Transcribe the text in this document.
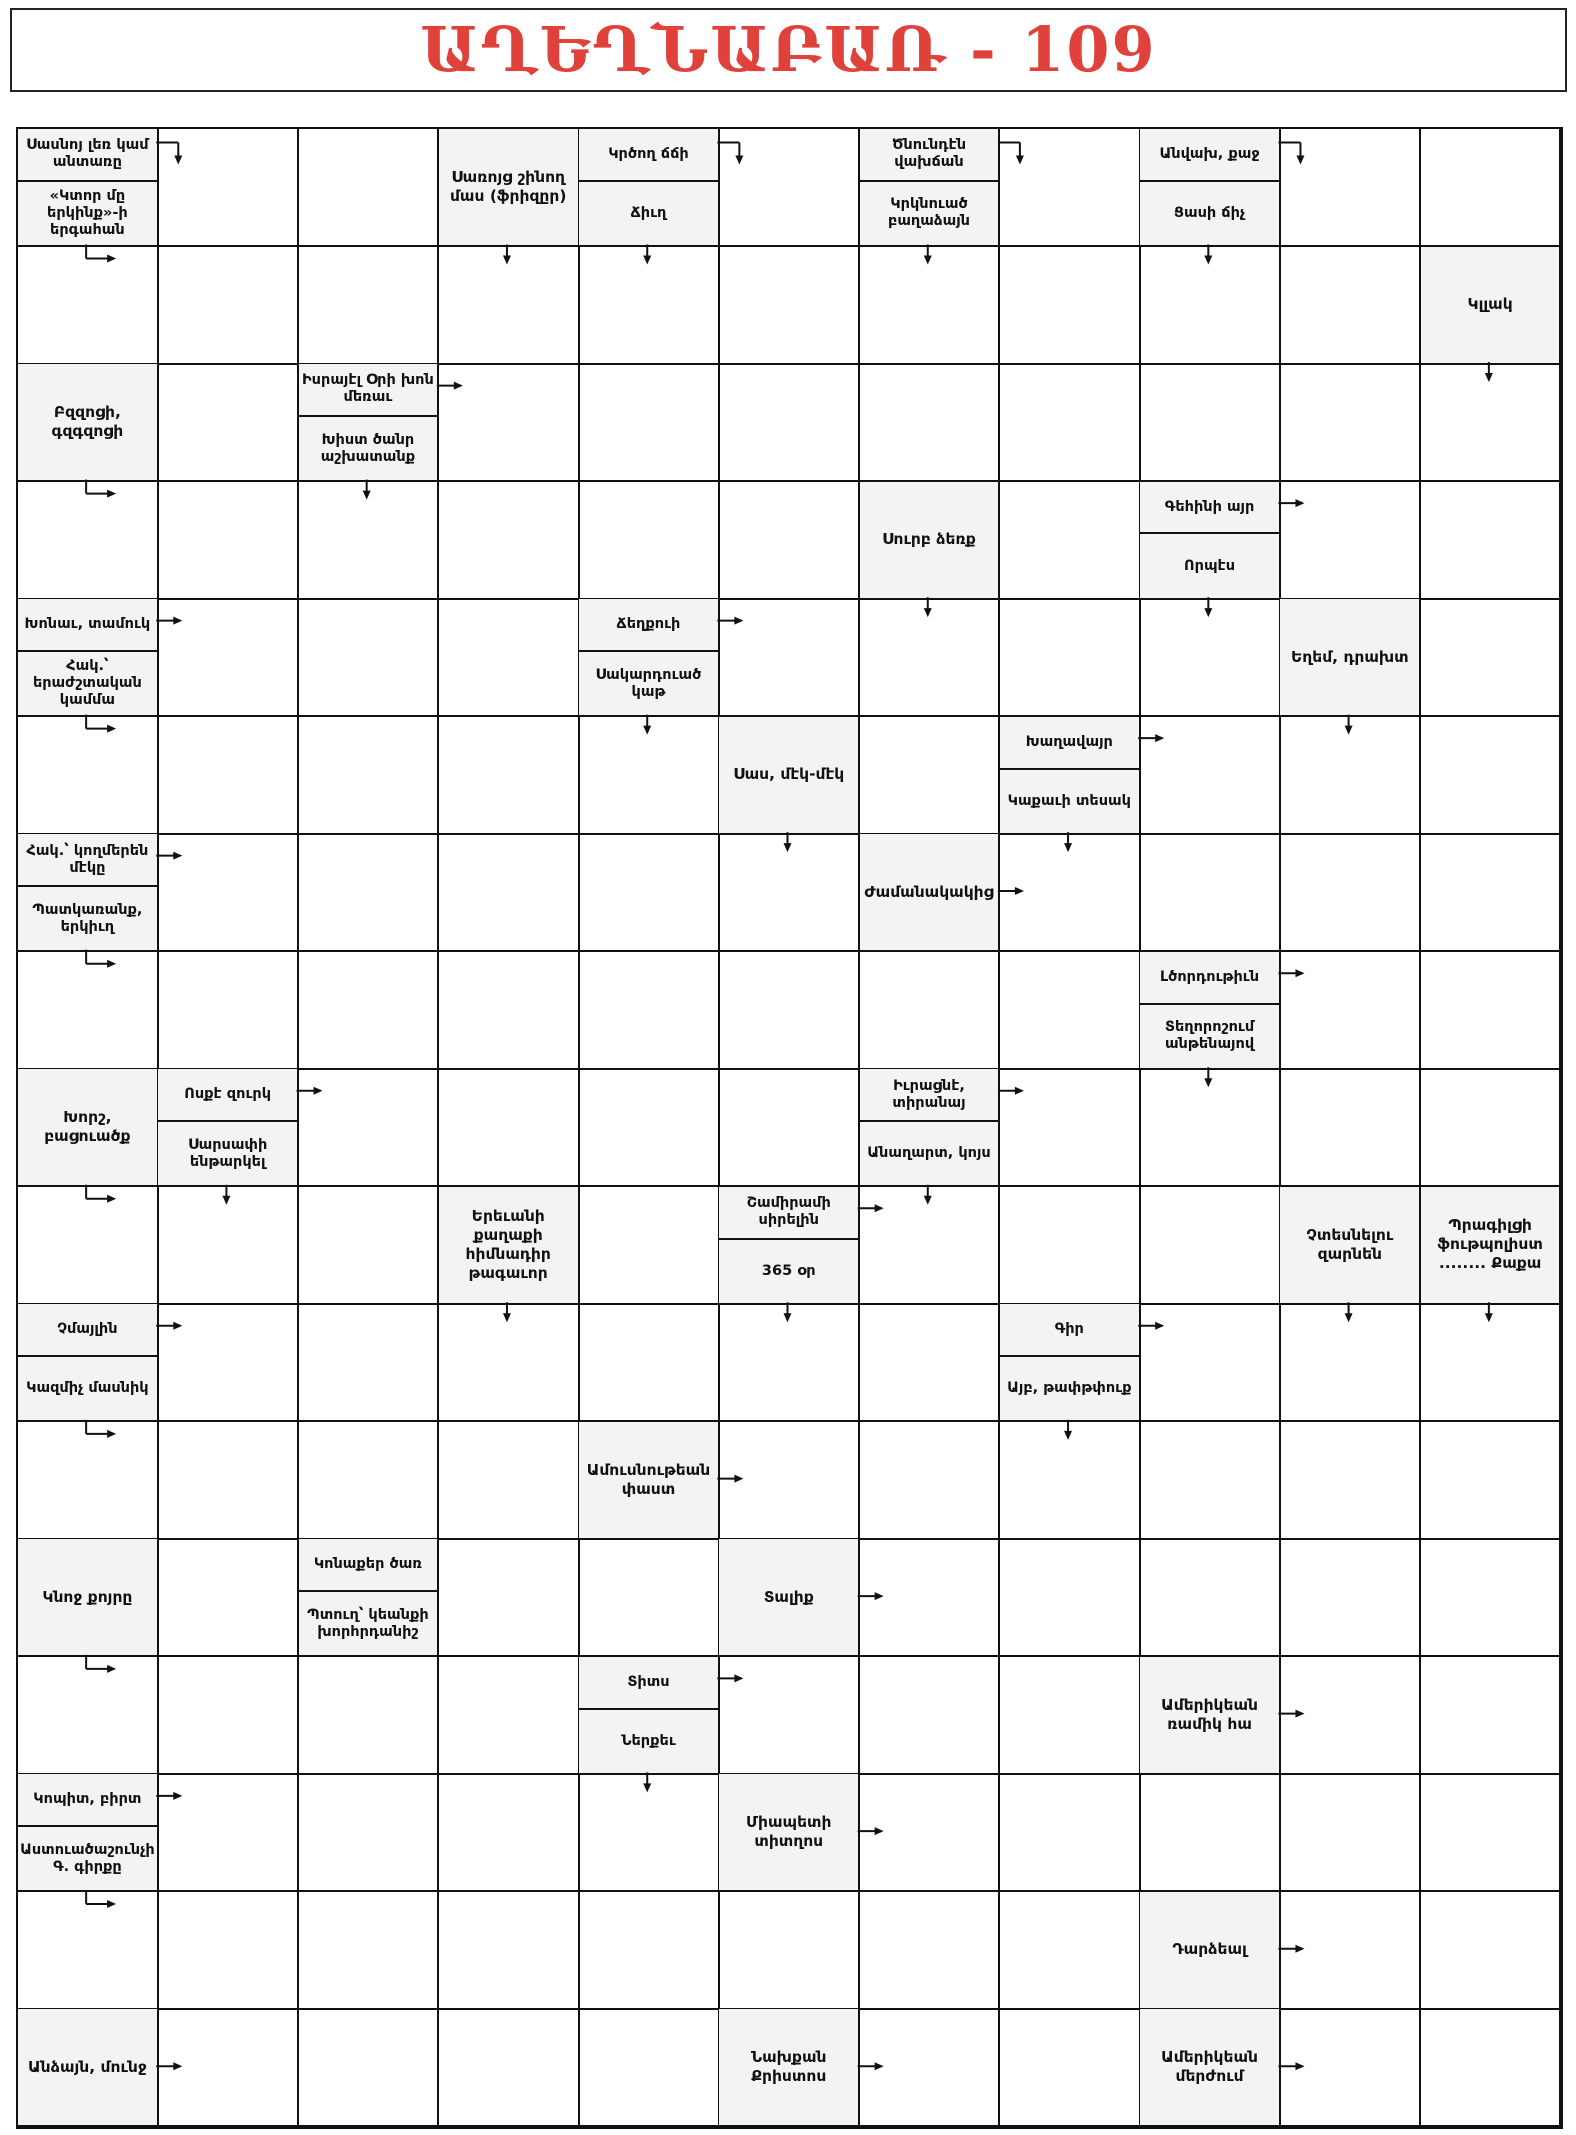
ԱՂԵՂՆԱԲԱՌ - 109
Սասնոյ լեռ կամ անտառը
«Կտոր մը երկինք»-ի երգահան
Սառոյց շինող մաս (ֆրիզըր)
Կրծող ճճի
Ճիւղ
Ծնունդէն վախճան
Կրկնուած բաղաձայն
Անվախ, քաջ
Ցասի ճիչ
Կլլակ
Բզզոցի, գզգզոցի
Իսրայէլ Օրի խոն մեռաւ
Խիստ ծանր աշխատանք
Սուրբ ձեռք
Գեհինի այր
Որպէս
Խոնաւ, տամուկ
Հակ.՝ երաժշտական կամմա
Ճեղքուի
Սակարդուած կաթ
Եղեմ, դրախտ
Սաս, մէկ-մէկ
Խաղավայր
Կաքաւի տեսակ
Հակ.՝ կողմերեն մէկը
Պատկառանք, երկիւղ
Ժամանակակից
Լծորդութիւն
Տեղորոշում անթենայով
Խորշ, բացուածք
Ոսքէ զուրկ
Սարսափի ենթարկել
Իւրացնէ, տիրանայ
Անաղարտ, կոյս
Երեւանի քաղաքի հիմնադիր թագաւոր
Շամիրամի սիրելին
365 օր
Չտեսնելու զարնեն
Պրագիլցի ֆութպոլիստ ........ Քաքա
Չմայլին
Կազմիչ մասնիկ
Գիր
Այբ, թափթփուք
Ամուսնութեան փաստ
Կնոջ քոյրը
Կոնաքեր ծառ
Պտուղ՝ կեանքի խորհրդանիշ
Տալիք
Տիտս
Ներքեւ
Ամերիկեան ռամիկ հա
Կոպիտ, բիրտ
Աստուածաշունչի Գ. գիրքը
Միապետի տիտղոս
Դարձեալ
Անձայն, մունջ
Նախքան Քրիստոս
Ամերիկեան մերժում
